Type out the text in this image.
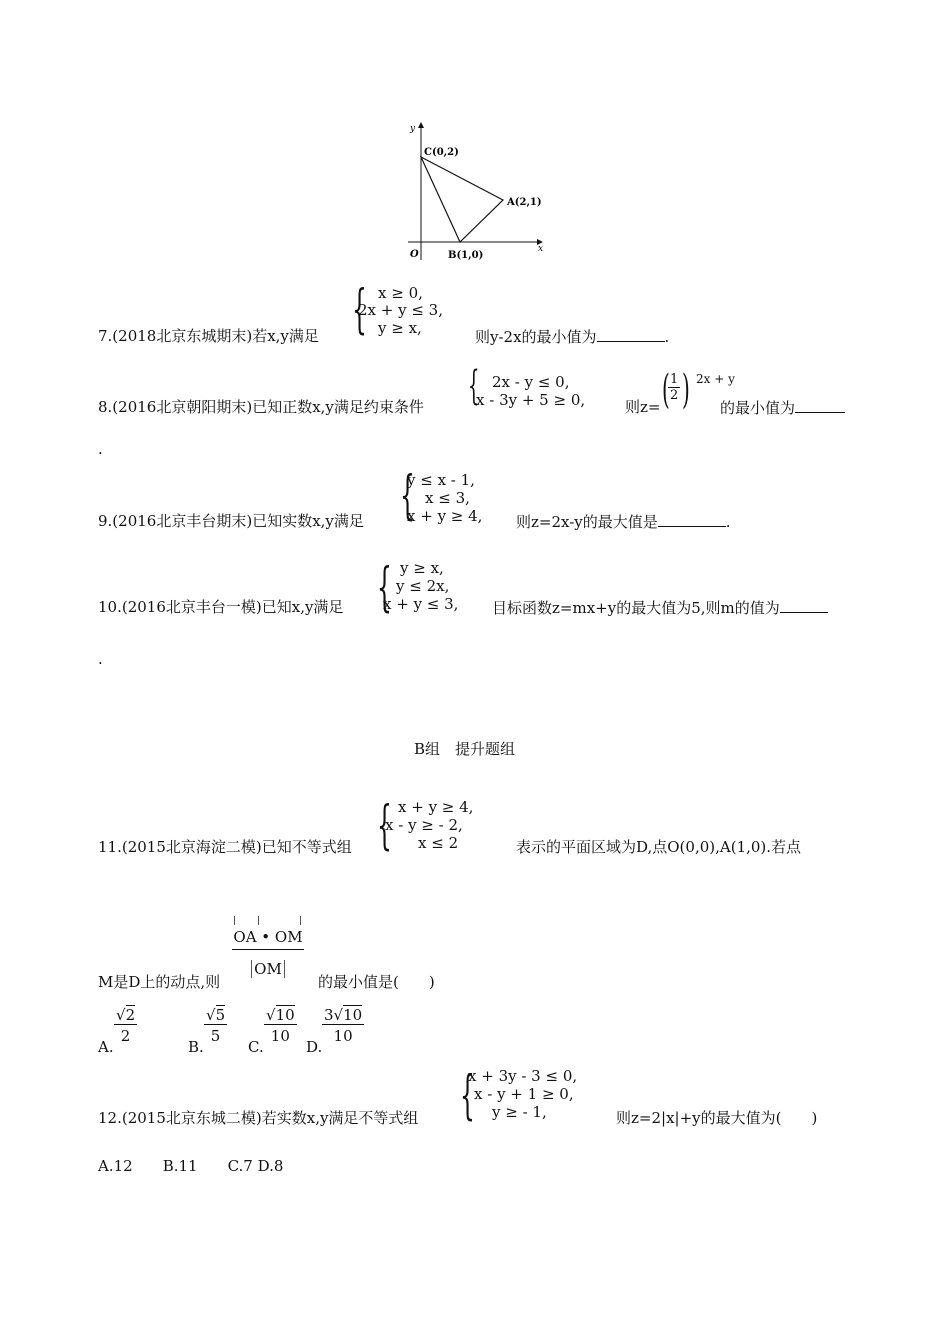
y
x
O
C(0,2)
A(2,1)
B(1,0)
{ x ≥ 0,
2x + y ≤ 3,
y ≥ x,
7.(2018北京东城期末)若x,y满足	则y-2x的最小值为	.
{ 2x - y ≤ 0,
x - 3y + 5 ≥ 0,
8.(2016北京朝阳期末)已知正数x,y满足约束条件	则z= (
$\frac{1}{2}$ ) 2x + y
的最小值为
.
{
y ≤ x - 1,
x ≤ 3,
x + y ≥ 4,
9.(2016北京丰台期末)已知实数x,y满足	则z=2x-y的最大值是	.
{ y ≥ x,
y ≤ 2x,
x + y ≤ 3,
10.(2016北京丰台一模)已知x,y满足	目标函数z=mx+y的最大值为5,则m的值为
.
B组　提升题组
{ x + y ≥ 4,
x - y ≥ - 2,
x ≤ 2
11.(2015北京海淀二模)已知不等式组	表示的平面区域为D,点O(0,0),A(1,0).若点
$\frac{OA • OM}{OM}$
M是D上的动点,则	的最小值是(　　)
A.
√2
2
B.
√5
5
C.
√10
10
D.
3√10
10
{
x + 3y - 3 ≤ 0,
x - y + 1 ≥ 0,
y ≥ - 1,
12.(2015北京东城二模)若实数x,y满足不等式组	则z=2|x|+y的最大值为(　　)
A.12　　B.11　　C.7 D.8
